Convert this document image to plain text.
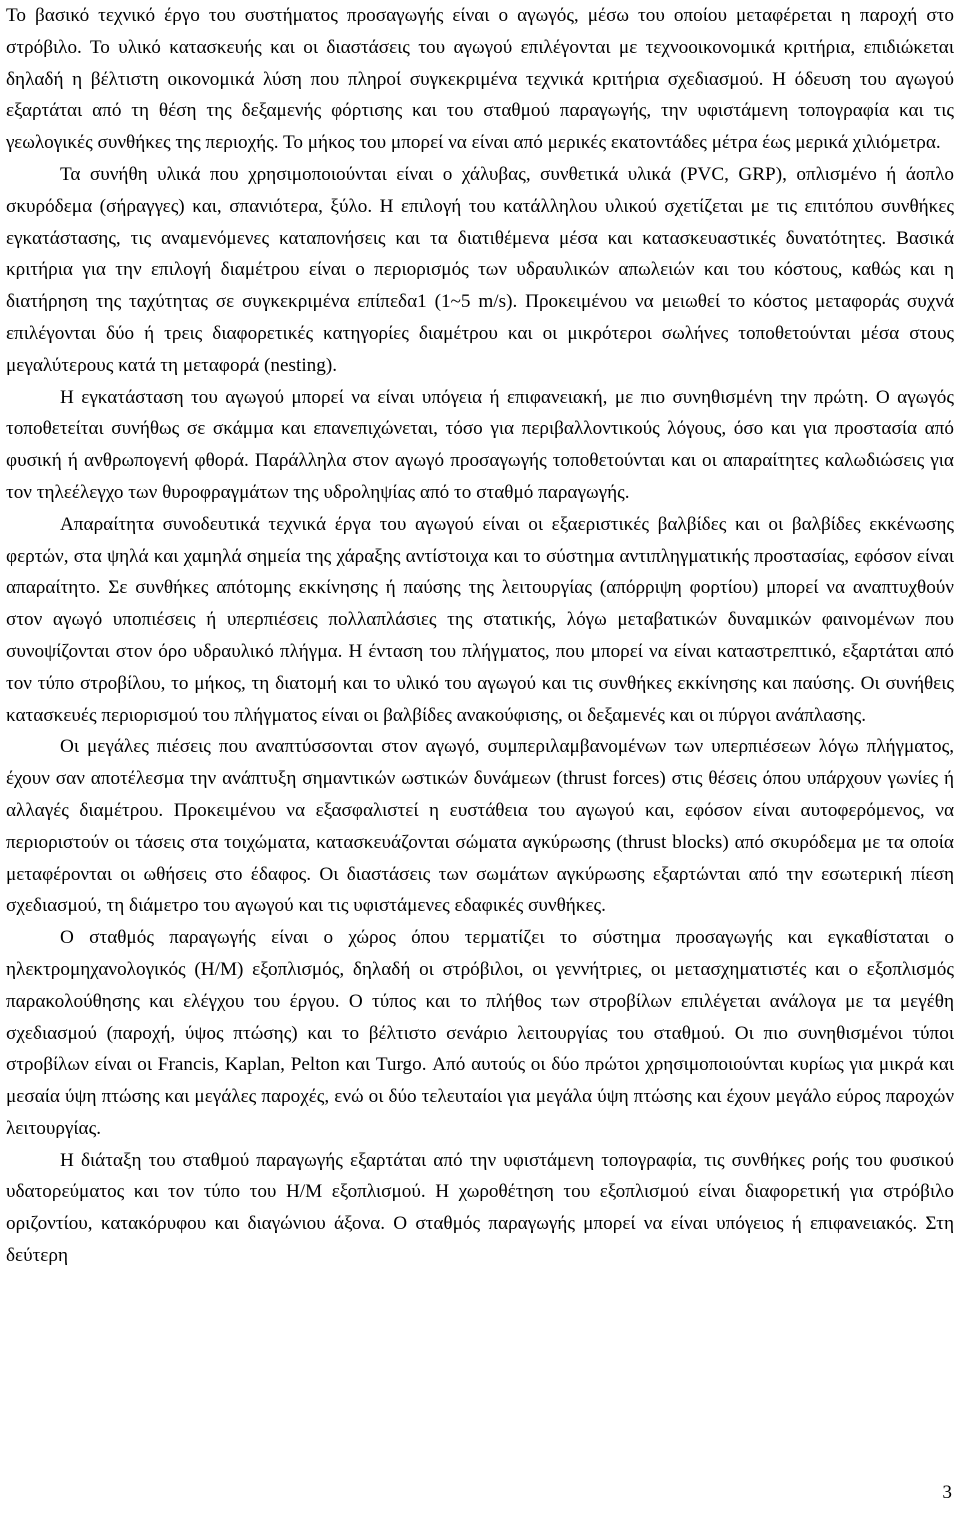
Το βασικό τεχνικό έργο του συστήματος προσαγωγής είναι ο αγωγός, μέσω του οποίου μεταφέρεται η παροχή στο στρόβιλο. Το υλικό κατασκευής και οι διαστάσεις του αγωγού επιλέγονται με τεχνοοικονομικά κριτήρια, επιδιώκεται δηλαδή η βέλτιστη οικονομικά λύση που πληροί συγκεκριμένα τεχνικά κριτήρια σχεδιασμού. Η όδευση του αγωγού εξαρτάται από τη θέση της δεξαμενής φόρτισης και του σταθμού παραγωγής, την υφιστάμενη τοπογραφία και τις γεωλογικές συνθήκες της περιοχής. Το μήκος του μπορεί να είναι από μερικές εκατοντάδες μέτρα έως μερικά χιλιόμετρα.

Τα συνήθη υλικά που χρησιμοποιούνται είναι ο χάλυβας, συνθετικά υλικά (PVC, GRP), οπλισμένο ή άοπλο σκυρόδεμα (σήραγγες) και, σπανιότερα, ξύλο. Η επιλογή του κατάλληλου υλικού σχετίζεται με τις επιτόπου συνθήκες εγκατάστασης, τις αναμενόμενες καταπονήσεις και τα διατιθέμενα μέσα και κατασκευαστικές δυνατότητες. Βασικά κριτήρια για την επιλογή διαμέτρου είναι ο περιορισμός των υδραυλικών απωλειών και του κόστους, καθώς και η διατήρηση της ταχύτητας σε συγκεκριμένα επίπεδα1 (1~5 m/s). Προκειμένου να μειωθεί το κόστος μεταφοράς συχνά επιλέγονται δύο ή τρεις διαφορετικές κατηγορίες διαμέτρου και οι μικρότεροι σωλήνες τοποθετούνται μέσα στους μεγαλύτερους κατά τη μεταφορά (nesting).

Η εγκατάσταση του αγωγού μπορεί να είναι υπόγεια ή επιφανειακή, με πιο συνηθισμένη την πρώτη. Ο αγωγός τοποθετείται συνήθως σε σκάμμα και επανεπιχώνεται, τόσο για περιβαλλοντικούς λόγους, όσο και για προστασία από φυσική ή ανθρωπογενή φθορά. Παράλληλα στον αγωγό προσαγωγής τοποθετούνται και οι απαραίτητες καλωδιώσεις για τον τηλεέλεγχο των θυροφραγμάτων της υδροληψίας από το σταθμό παραγωγής.

Απαραίτητα συνοδευτικά τεχνικά έργα του αγωγού είναι οι εξαεριστικές βαλβίδες και οι βαλβίδες εκκένωσης φερτών, στα ψηλά και χαμηλά σημεία της χάραξης αντίστοιχα και το σύστημα αντιπληγματικής προστασίας, εφόσον είναι απαραίτητο. Σε συνθήκες απότομης εκκίνησης ή παύσης της λειτουργίας (απόρριψη φορτίου) μπορεί να αναπτυχθούν στον αγωγό υποπιέσεις ή υπερπιέσεις πολλαπλάσιες της στατικής, λόγω μεταβατικών δυναμικών φαινομένων που συνοψίζονται στον όρο υδραυλικό πλήγμα. Η ένταση του πλήγματος, που μπορεί να είναι καταστρεπτικό, εξαρτάται από τον τύπο στροβίλου, το μήκος, τη διατομή και το υλικό του αγωγού και τις συνθήκες εκκίνησης και παύσης. Οι συνήθεις κατασκευές περιορισμού του πλήγματος είναι οι βαλβίδες ανακούφισης, οι δεξαμενές και οι πύργοι ανάπλασης.

Οι μεγάλες πιέσεις που αναπτύσσονται στον αγωγό, συμπεριλαμβανομένων των υπερπιέσεων λόγω πλήγματος, έχουν σαν αποτέλεσμα την ανάπτυξη σημαντικών ωστικών δυνάμεων (thrust forces) στις θέσεις όπου υπάρχουν γωνίες ή αλλαγές διαμέτρου. Προκειμένου να εξασφαλιστεί η ευστάθεια του αγωγού και, εφόσον είναι αυτοφερόμενος, να περιοριστούν οι τάσεις στα τοιχώματα, κατασκευάζονται σώματα αγκύρωσης (thrust blocks) από σκυρόδεμα με τα οποία μεταφέρονται οι ωθήσεις στο έδαφος. Οι διαστάσεις των σωμάτων αγκύρωσης εξαρτώνται από την εσωτερική πίεση σχεδιασμού, τη διάμετρο του αγωγού και τις υφιστάμενες εδαφικές συνθήκες.

Ο σταθμός παραγωγής είναι ο χώρος όπου τερματίζει το σύστημα προσαγωγής και εγκαθίσταται ο ηλεκτρομηχανολογικός (Η/Μ) εξοπλισμός, δηλαδή οι στρόβιλοι, οι γεννήτριες, οι μετασχηματιστές και ο εξοπλισμός παρακολούθησης και ελέγχου του έργου. Ο τύπος και το πλήθος των στροβίλων επιλέγεται ανάλογα με τα μεγέθη σχεδιασμού (παροχή, ύψος πτώσης) και το βέλτιστο σενάριο λειτουργίας του σταθμού. Οι πιο συνηθισμένοι τύποι στροβίλων είναι οι Francis, Kaplan, Pelton και Turgo. Από αυτούς οι δύο πρώτοι χρησιμοποιούνται κυρίως για μικρά και μεσαία ύψη πτώσης και μεγάλες παροχές, ενώ οι δύο τελευταίοι για μεγάλα ύψη πτώσης και έχουν μεγάλο εύρος παροχών λειτουργίας.

Η διάταξη του σταθμού παραγωγής εξαρτάται από την υφιστάμενη τοπογραφία, τις συνθήκες ροής του φυσικού υδατορεύματος και τον τύπο του Η/Μ εξοπλισμού. Η χωροθέτηση του εξοπλισμού είναι διαφορετική για στρόβιλο οριζοντίου, κατακόρυφου και διαγώνιου άξονα. Ο σταθμός παραγωγής μπορεί να είναι υπόγειος ή επιφανειακός. Στη δεύτερη

3
